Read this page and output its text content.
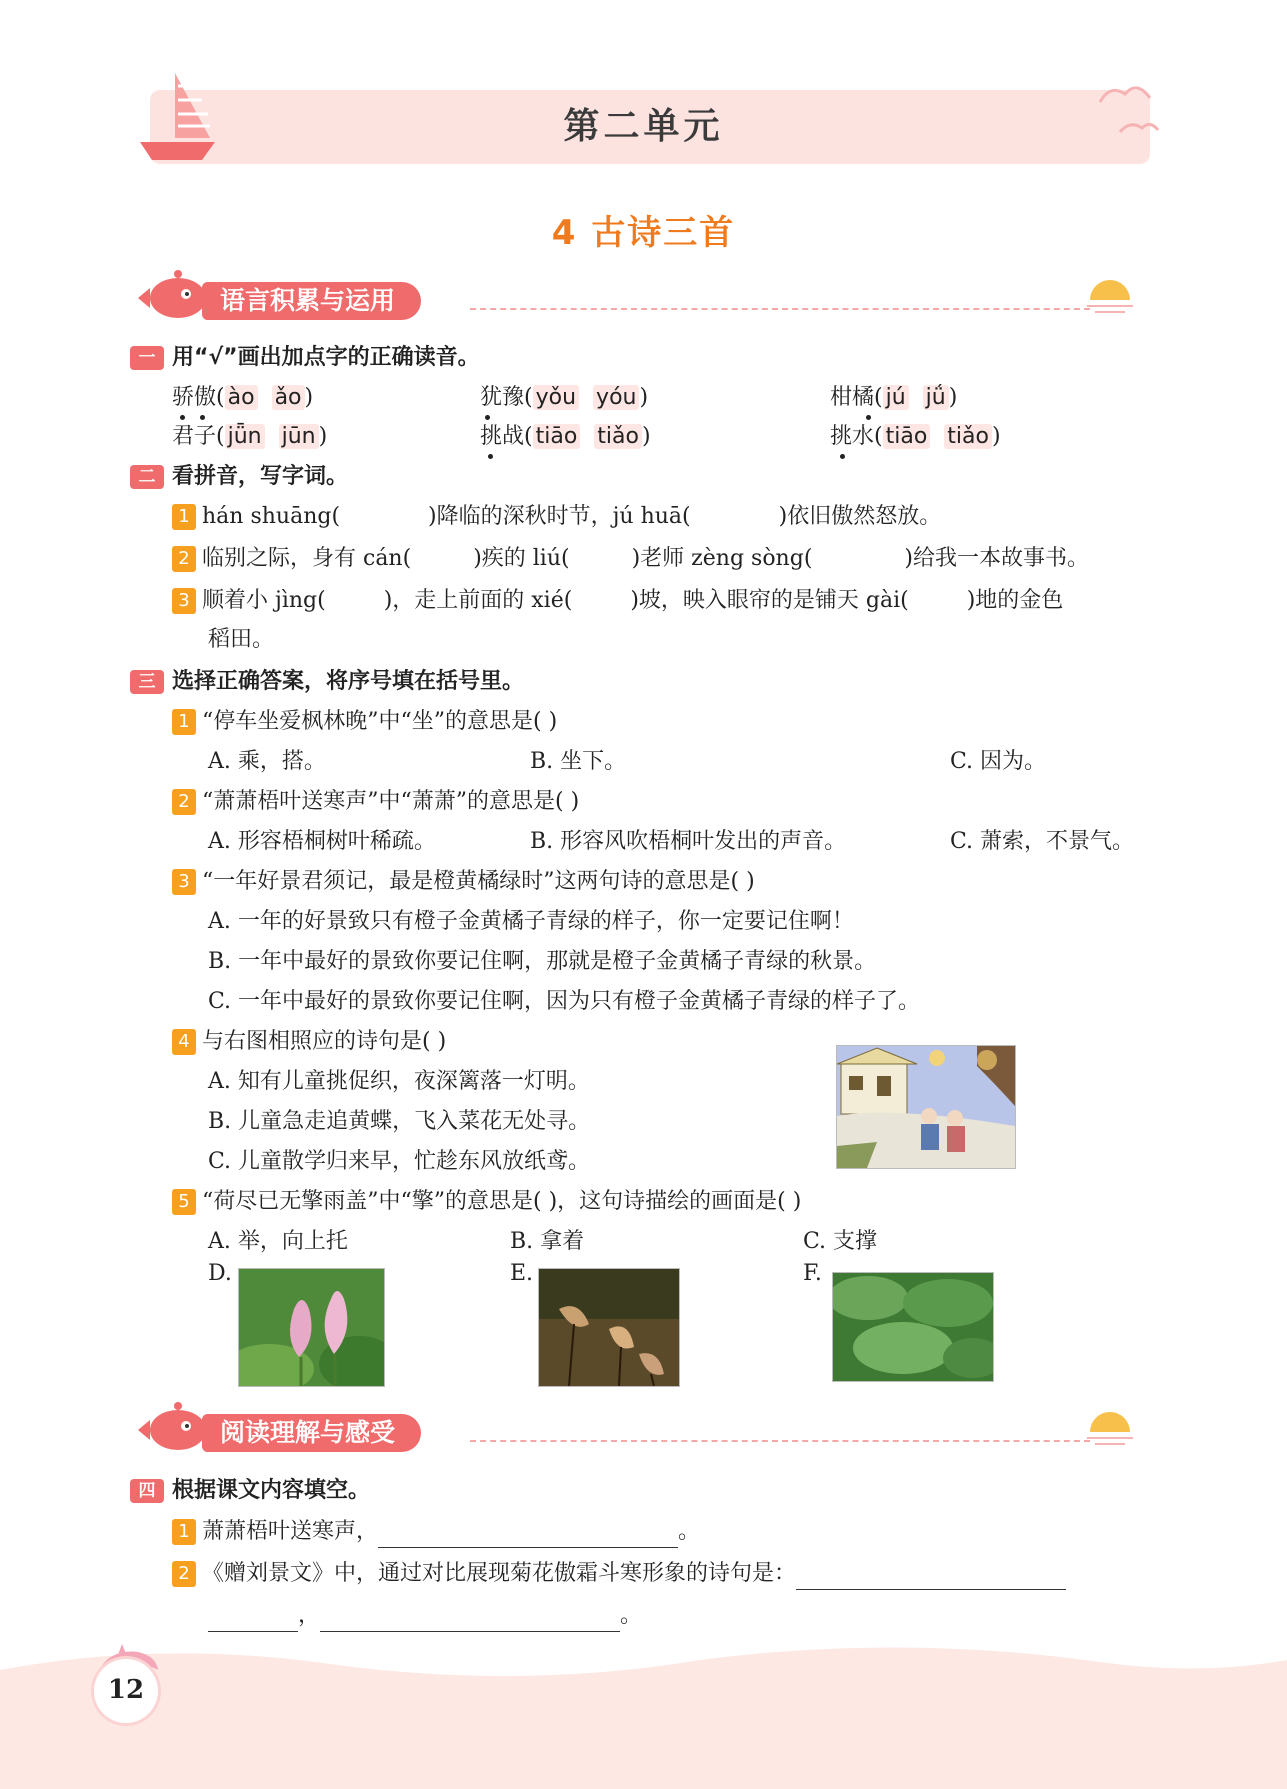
第二单元
4 古诗三首
语言积累与运用
一 用“√”画出加点字的正确读音。
骄傲( ào ǎo )	犹豫( yǒu yóu )	柑橘( jú jǘ )
君子( jǖn jūn )	挑战( tiāo tiǎo )	挑水( tiāo tiǎo )
二 看拼音，写字词。
1 hán shuāng(	)降临的深秋时节，jú huā(	)依旧傲然怒放。
2 临别之际，身有 cán(	)疾的 liú(	)老师 zèng sòng(	)给我一本故事书。
3 顺着小 jìng(	)，走上前面的 xié(	)坡，映入眼帘的是铺天 gài(	)地的金色
稻田。
三 选择正确答案，将序号填在括号里。
1 “停车坐爱枫林晚”中“坐”的意思是( )
A. 乘，搭。	B. 坐下。	C. 因为。
2 “萧萧梧叶送寒声”中“萧萧”的意思是( )
A. 形容梧桐树叶稀疏。	B. 形容风吹梧桐叶发出的声音。	C. 萧索，不景气。
3 “一年好景君须记，最是橙黄橘绿时”这两句诗的意思是( )
A. 一年的好景致只有橙子金黄橘子青绿的样子，你一定要记住啊！
B. 一年中最好的景致你要记住啊，那就是橙子金黄橘子青绿的秋景。
C. 一年中最好的景致你要记住啊，因为只有橙子金黄橘子青绿的样子了。
4 与右图相照应的诗句是( )
A. 知有儿童挑促织，夜深篱落一灯明。
B. 儿童急走追黄蝶，飞入菜花无处寻。
C. 儿童散学归来早，忙趁东风放纸鸢。
5 “荷尽已无擎雨盖”中“擎”的意思是( )，这句诗描绘的画面是( )
A. 举，向上托	B. 拿着	C. 支撑
D.	E.	F.
阅读理解与感受
四 根据课文内容填空。
1 萧萧梧叶送寒声，	。
2 《赠刘景文》中，通过对比展现菊花傲霜斗寒形象的诗句是：
，	。
12
